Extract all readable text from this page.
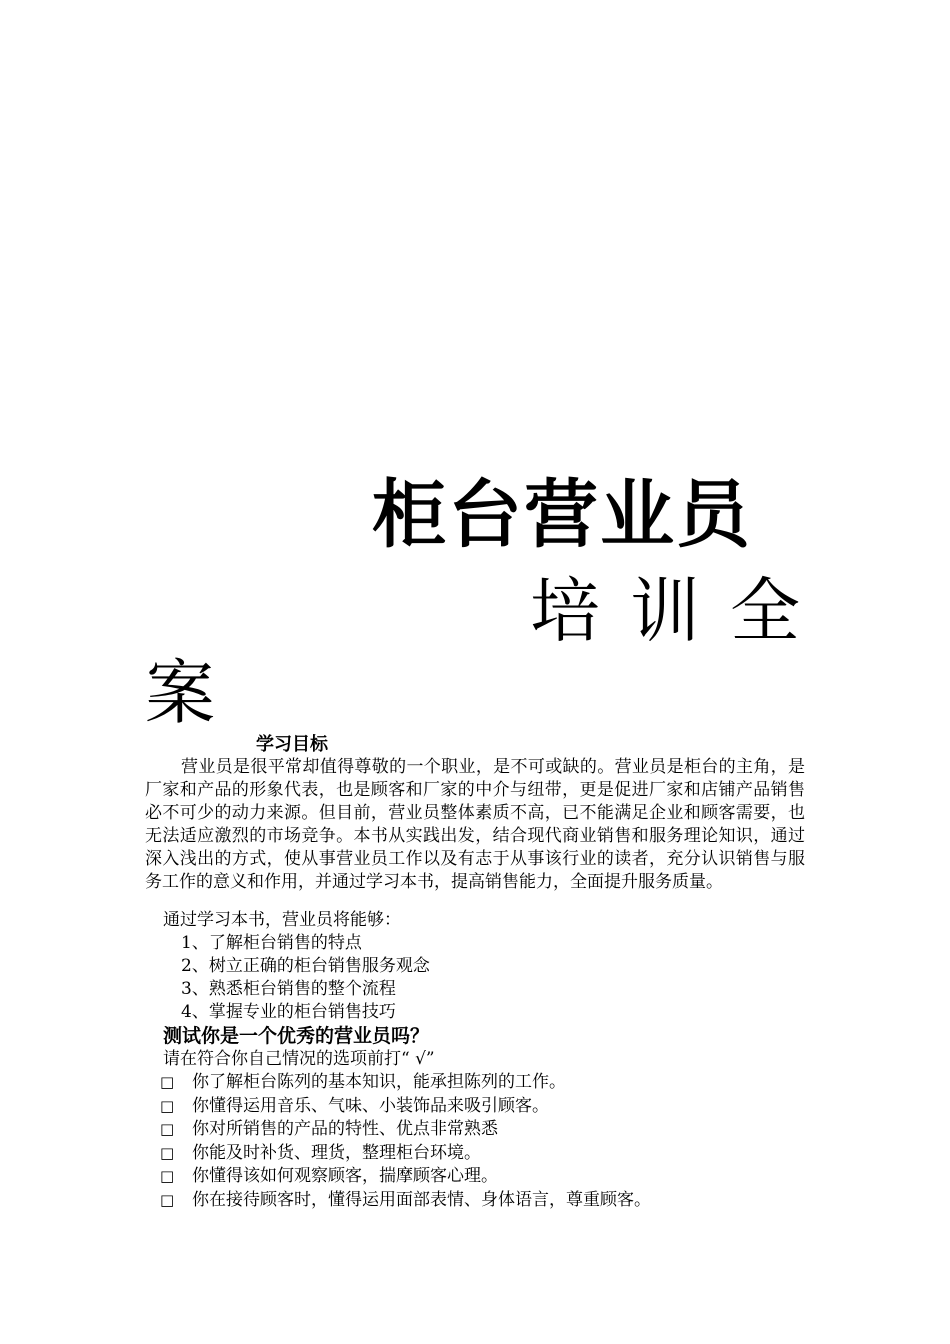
柜台营业员
培训全
案
学习目标

营业员是很平常却值得尊敬的一个职业，是不可或缺的。营业员是柜台的主角，是厂家和产品的形象代表，也是顾客和厂家的中介与纽带，更是促进厂家和店铺产品销售必不可少的动力来源。但目前，营业员整体素质不高，已不能满足企业和顾客需要，也无法适应激烈的市场竞争。本书从实践出发，结合现代商业销售和服务理论知识，通过深入浅出的方式，使从事营业员工作以及有志于从事该行业的读者，充分认识销售与服务工作的意义和作用，并通过学习本书，提高销售能力，全面提升服务质量。

通过学习本书，营业员将能够：
1、了解柜台销售的特点
2、树立正确的柜台销售服务观念
3、熟悉柜台销售的整个流程
4、掌握专业的柜台销售技巧
测试你是一个优秀的营业员吗？
请在符合你自己情况的选项前打“ √”
□	你了解柜台陈列的基本知识，能承担陈列的工作。
□	你懂得运用音乐、气味、小装饰品来吸引顾客。
□	你对所销售的产品的特性、优点非常熟悉
□	你能及时补货、理货，整理柜台环境。
□	你懂得该如何观察顾客，揣摩顾客心理。
□	你在接待顾客时，懂得运用面部表情、身体语言，尊重顾客。
